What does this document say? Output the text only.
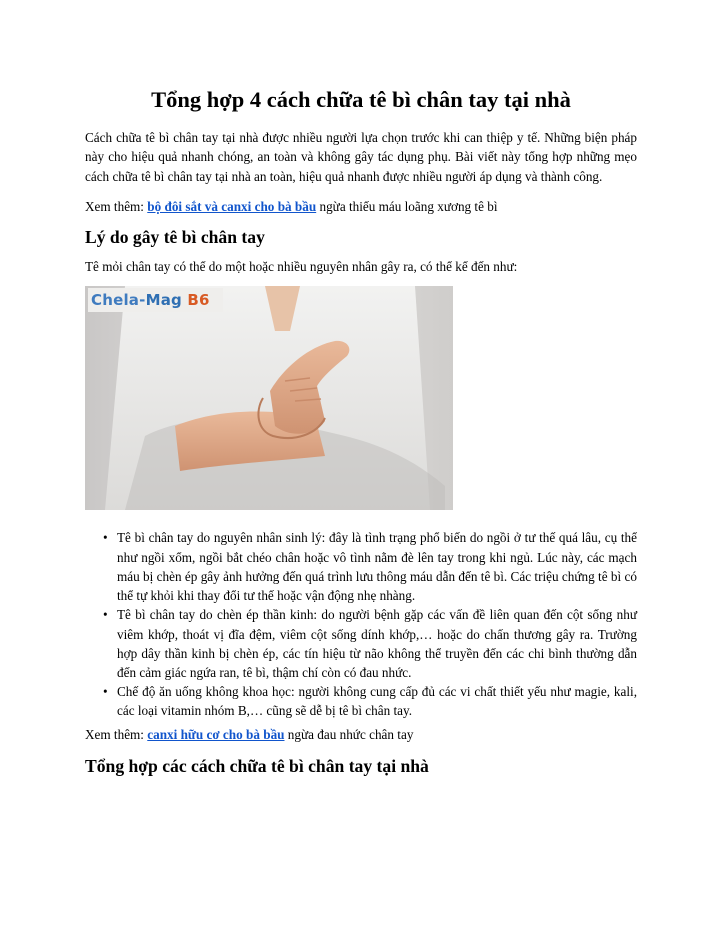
Tổng hợp 4 cách chữa tê bì chân tay tại nhà

Cách chữa tê bì chân tay tại nhà được nhiều người lựa chọn trước khi can thiệp y tế. Những biện pháp này cho hiệu quả nhanh chóng, an toàn và không gây tác dụng phụ. Bài viết này tổng hợp những mẹo cách chữa tê bì chân tay tại nhà an toàn, hiệu quả nhanh được nhiều người áp dụng và thành công.

Xem thêm: bộ đôi sắt và canxi cho bà bầu ngừa thiếu máu loãng xương tê bì

Lý do gây tê bì chân tay

Tê mỏi chân tay có thể do một hoặc nhiều nguyên nhân gây ra, có thể kể đến như:

Chela-Mag B6
• Tê bì chân tay do nguyên nhân sinh lý: đây là tình trạng phổ biến do ngồi ở tư thế quá lâu, cụ thể như ngồi xổm, ngồi bắt chéo chân hoặc vô tình nằm đè lên tay trong khi ngủ. Lúc này, các mạch máu bị chèn ép gây ảnh hưởng đến quá trình lưu thông máu dẫn đến tê bì. Các triệu chứng tê bì có thể tự khỏi khi thay đổi tư thế hoặc vận động nhẹ nhàng.
• Tê bì chân tay do chèn ép thần kinh: do người bệnh gặp các vấn đề liên quan đến cột sống như viêm khớp, thoát vị đĩa đệm, viêm cột sống dính khớp,… hoặc do chấn thương gây ra. Trường hợp dây thần kinh bị chèn ép, các tín hiệu từ não không thể truyền đến các chi bình thường dẫn đến cảm giác ngứa ran, tê bì, thậm chí còn có đau nhức.
• Chế độ ăn uống không khoa học: người không cung cấp đủ các vi chất thiết yếu như magie, kali, các loại vitamin nhóm B,… cũng sẽ dễ bị tê bì chân tay.

Xem thêm: canxi hữu cơ cho bà bầu ngừa đau nhức chân tay

Tổng hợp các cách chữa tê bì chân tay tại nhà
